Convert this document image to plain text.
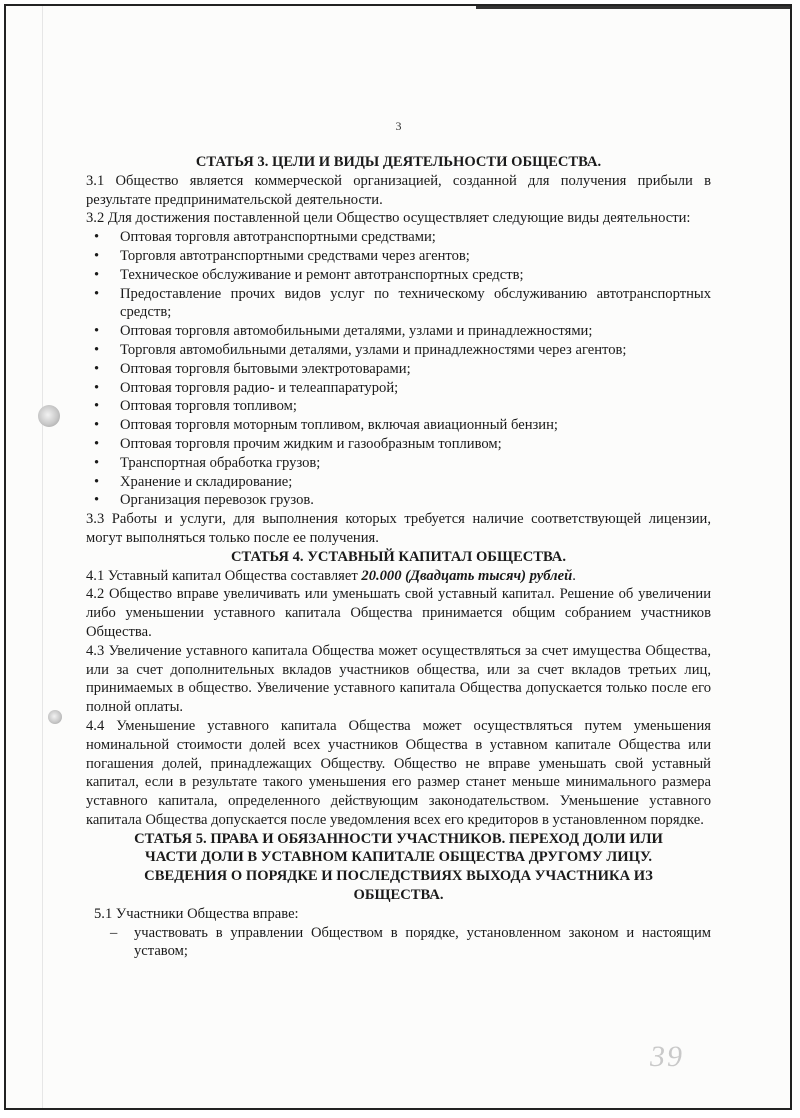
3

СТАТЬЯ 3. ЦЕЛИ И ВИДЫ ДЕЯТЕЛЬНОСТИ ОБЩЕСТВА.

3.1 Общество является коммерческой организацией, созданной для получения прибыли в результате предпринимательской деятельности.

3.2 Для достижения поставленной цели Общество осуществляет следующие виды деятельности:

• Оптовая торговля автотранспортными средствами;
• Торговля автотранспортными средствами через агентов;
• Техническое обслуживание и ремонт автотранспортных средств;
• Предоставление прочих видов услуг по техническому обслуживанию автотранспортных средств;
• Оптовая торговля автомобильными деталями, узлами и принадлежностями;
• Торговля автомобильными деталями, узлами и принадлежностями через агентов;
• Оптовая торговля бытовыми электротоварами;
• Оптовая торговля радио- и телеаппаратурой;
• Оптовая торговля топливом;
• Оптовая торговля моторным топливом, включая авиационный бензин;
• Оптовая торговля прочим жидким и газообразным топливом;
• Транспортная обработка грузов;
• Хранение и складирование;
• Организация перевозок грузов.

3.3 Работы и услуги, для выполнения которых требуется наличие соответствующей лицензии, могут выполняться только после ее получения.

СТАТЬЯ 4. УСТАВНЫЙ КАПИТАЛ ОБЩЕСТВА.

4.1 Уставный капитал Общества составляет 20.000 (Двадцать тысяч) рублей.

4.2 Общество вправе увеличивать или уменьшать свой уставный капитал. Решение об увеличении либо уменьшении уставного капитала Общества принимается общим собранием участников Общества.

4.3 Увеличение уставного капитала Общества может осуществляться за счет имущества Общества, или за счет дополнительных вкладов участников общества, или за счет вкладов третьих лиц, принимаемых в общество. Увеличение уставного капитала Общества допускается только после его полной оплаты.

4.4 Уменьшение уставного капитала Общества может осуществляться путем уменьшения номинальной стоимости долей всех участников Общества в уставном капитале Общества или погашения долей, принадлежащих Обществу. Общество не вправе уменьшать свой уставный капитал, если в результате такого уменьшения его размер станет меньше минимального размера уставного капитала, определенного действующим законодательством. Уменьшение уставного капитала Общества допускается после уведомления всех его кредиторов в установленном порядке.

СТАТЬЯ 5. ПРАВА И ОБЯЗАННОСТИ УЧАСТНИКОВ. ПЕРЕХОД ДОЛИ ИЛИ
ЧАСТИ ДОЛИ В УСТАВНОМ КАПИТАЛЕ ОБЩЕСТВА ДРУГОМУ ЛИЦУ.
СВЕДЕНИЯ О ПОРЯДКЕ И ПОСЛЕДСТВИЯХ ВЫХОДА УЧАСТНИКА ИЗ
ОБЩЕСТВА.

5.1 Участники Общества вправе:

– участвовать в управлении Обществом в порядке, установленном законом и настоящим уставом;
39
